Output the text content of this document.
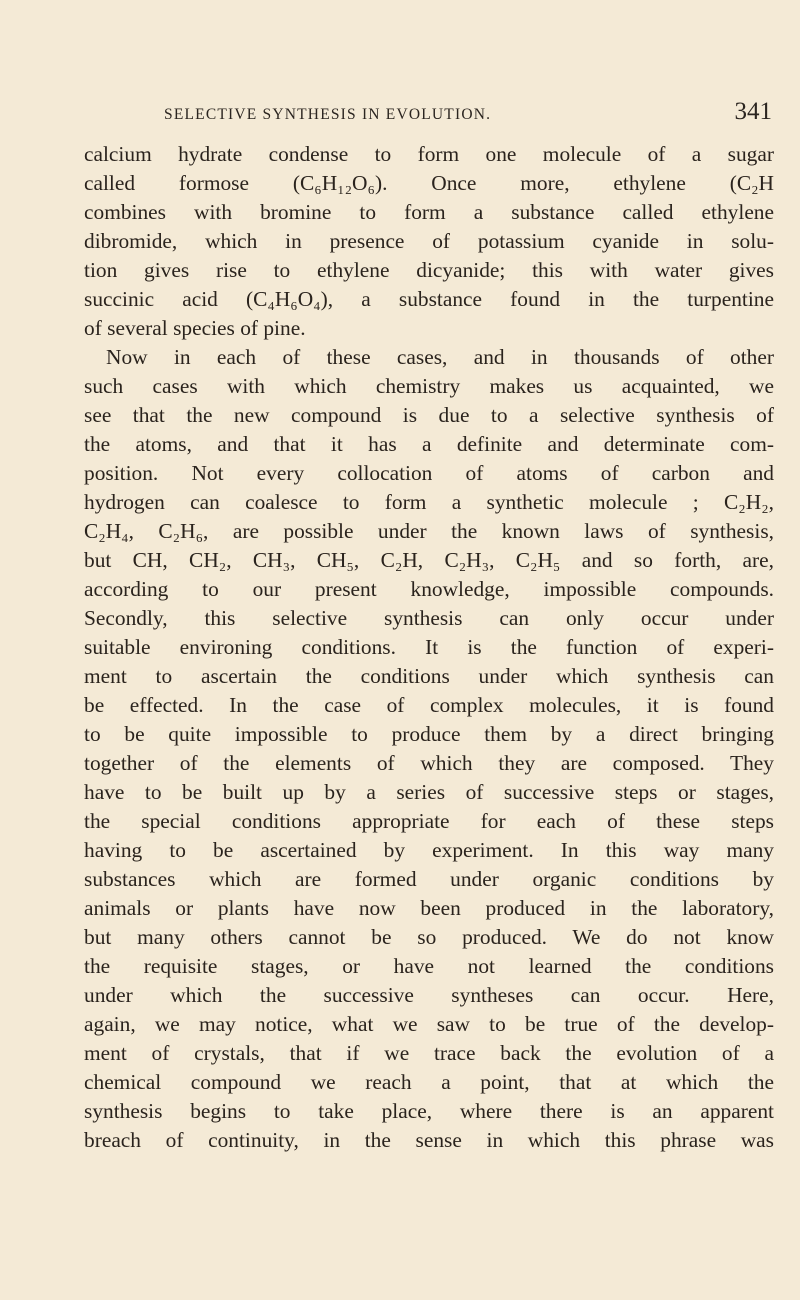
SELECTIVE SYNTHESIS IN EVOLUTION.	341
calcium hydrate condense to form one molecule of a sugar
called formose (C₆H₁₂O₆). Once more, ethylene (C₂H
combines with bromine to form a substance called ethylene
dibromide, which in presence of potassium cyanide in solu-
tion gives rise to ethylene dicyanide; this with water gives
succinic acid (C₄H₆O₄), a substance found in the turpentine
of several species of pine.
Now in each of these cases, and in thousands of other
such cases with which chemistry makes us acquainted, we
see that the new compound is due to a selective synthesis of
the atoms, and that it has a definite and determinate com-
position. Not every collocation of atoms of carbon and
hydrogen can coalesce to form a synthetic molecule ; C₂H₂,
C₂H₄, C₂H₆, are possible under the known laws of synthesis,
but CH, CH₂, CH₃, CH₅, C₂H, C₂H₃, C₂H₅ and so forth, are,
according to our present knowledge, impossible compounds.
Secondly, this selective synthesis can only occur under
suitable environing conditions. It is the function of experi-
ment to ascertain the conditions under which synthesis can
be effected. In the case of complex molecules, it is found
to be quite impossible to produce them by a direct bringing
together of the elements of which they are composed. They
have to be built up by a series of successive steps or stages,
the special conditions appropriate for each of these steps
having to be ascertained by experiment. In this way many
substances which are formed under organic conditions by
animals or plants have now been produced in the laboratory,
but many others cannot be so produced. We do not know
the requisite stages, or have not learned the conditions
under which the successive syntheses can occur. Here,
again, we may notice, what we saw to be true of the develop-
ment of crystals, that if we trace back the evolution of a
chemical compound we reach a point, that at which the
synthesis begins to take place, where there is an apparent
breach of continuity, in the sense in which this phrase was
